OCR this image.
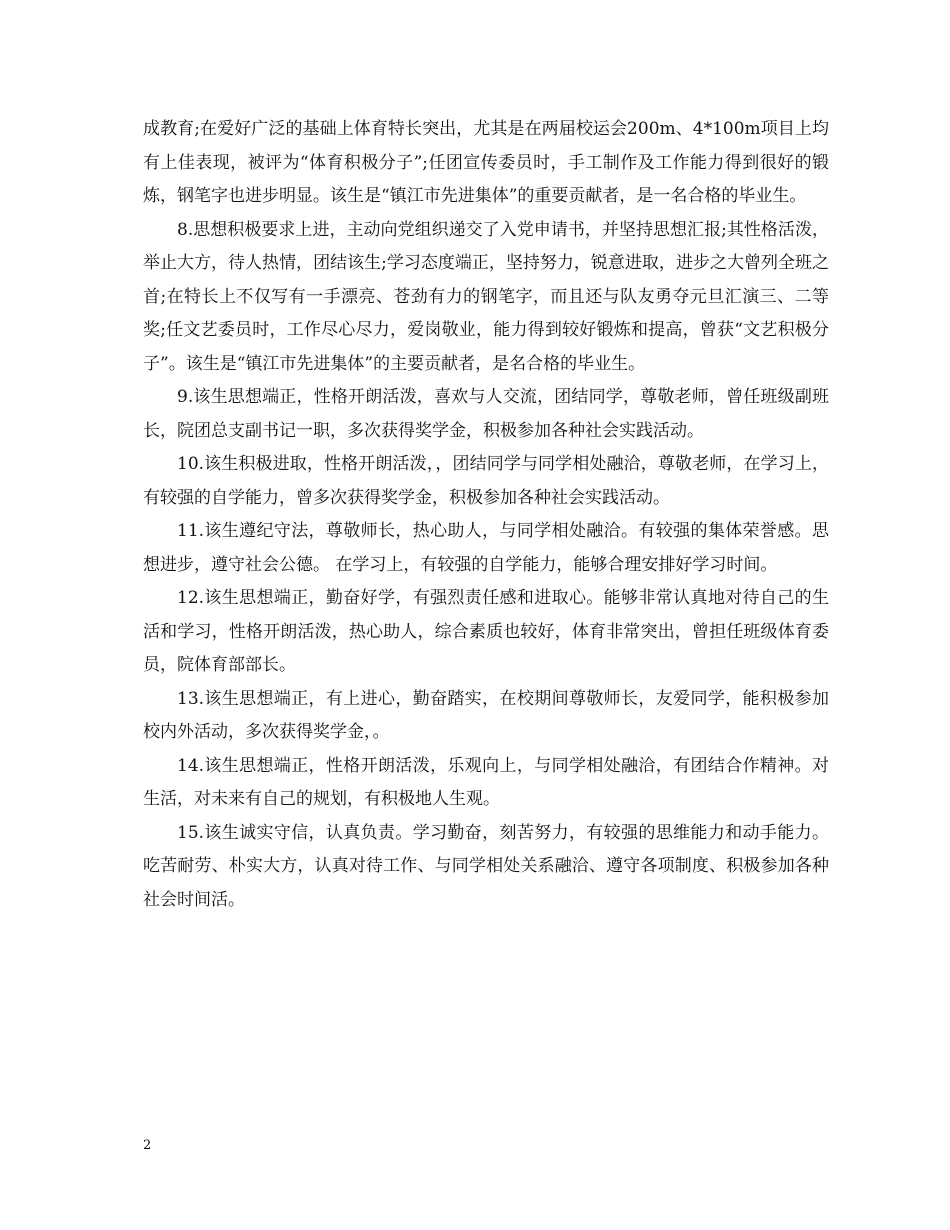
成教育;在爱好广泛的基础上体育特长突出，尤其是在两届校运会200m、4*100m项目上均有上佳表现，被评为“体育积极分子”;任团宣传委员时，手工制作及工作能力得到很好的锻炼，钢笔字也进步明显。该生是“镇江市先进集体”的重要贡献者，是一名合格的毕业生。

8.思想积极要求上进，主动向党组织递交了入党申请书，并坚持思想汇报;其性格活泼，举止大方，待人热情，团结该生;学习态度端正，坚持努力，锐意进取，进步之大曾列全班之首;在特长上不仅写有一手漂亮、苍劲有力的钢笔字，而且还与队友勇夺元旦汇演三、二等奖;任文艺委员时，工作尽心尽力，爱岗敬业，能力得到较好锻炼和提高，曾获“文艺积极分子”。该生是“镇江市先进集体”的主要贡献者，是名合格的毕业生。

9.该生思想端正，性格开朗活泼，喜欢与人交流，团结同学，尊敬老师，曾任班级副班长，院团总支副书记一职，多次获得奖学金，积极参加各种社会实践活动。

10.该生积极进取，性格开朗活泼，，团结同学与同学相处融洽，尊敬老师，在学习上，有较强的自学能力，曾多次获得奖学金，积极参加各种社会实践活动。

11.该生遵纪守法，尊敬师长，热心助人，与同学相处融洽。有较强的集体荣誉感。思想进步，遵守社会公德。 在学习上，有较强的自学能力，能够合理安排好学习时间。

12.该生思想端正，勤奋好学，有强烈责任感和进取心。能够非常认真地对待自己的生活和学习，性格开朗活泼，热心助人，综合素质也较好，体育非常突出，曾担任班级体育委员，院体育部部长。

13.该生思想端正，有上进心，勤奋踏实，在校期间尊敬师长，友爱同学，能积极参加校内外活动，多次获得奖学金，。

14.该生思想端正，性格开朗活泼，乐观向上，与同学相处融洽，有团结合作精神。对生活，对未来有自己的规划，有积极地人生观。

15.该生诚实守信，认真负责。学习勤奋，刻苦努力，有较强的思维能力和动手能力。吃苦耐劳、朴实大方，认真对待工作、与同学相处关系融洽、遵守各项制度、积极参加各种社会时间活。

2
